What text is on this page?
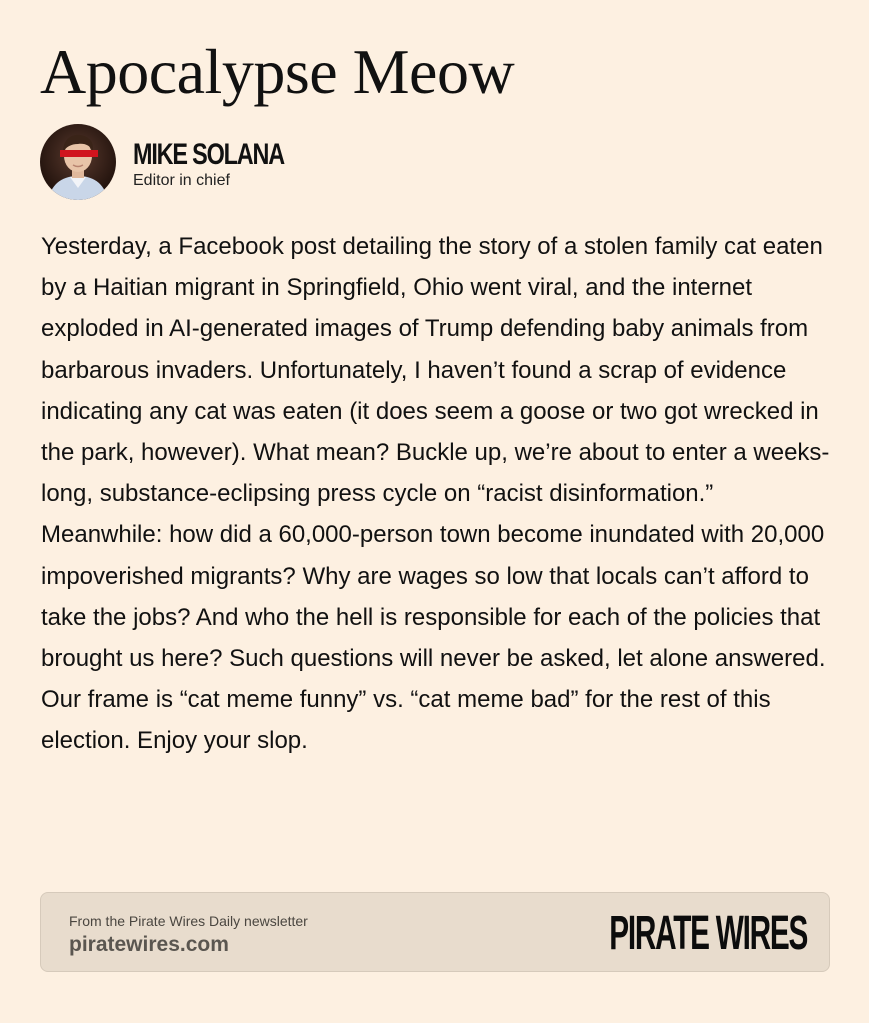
Apocalypse Meow
MIKE SOLANA
Editor in chief

Yesterday, a Facebook post detailing the story of a stolen family cat eaten by a Haitian migrant in Springfield, Ohio went viral, and the internet exploded in AI-generated images of Trump defending baby animals from barbarous invaders. Unfortunately, I haven’t found a scrap of evidence indicating any cat was eaten (it does seem a goose or two got wrecked in the park, however). What mean? Buckle up, we’re about to enter a weeks-long, substance-eclipsing press cycle on “racist disinformation.” Meanwhile: how did a 60,000-person town become inundated with 20,000 impoverished migrants? Why are wages so low that locals can’t afford to take the jobs? And who the hell is responsible for each of the policies that brought us here? Such questions will never be asked, let alone answered. Our frame is “cat meme funny” vs. “cat meme bad” for the rest of this election. Enjoy your slop.

From the Pirate Wires Daily newsletter
piratewires.com	PIRATE WIRES
